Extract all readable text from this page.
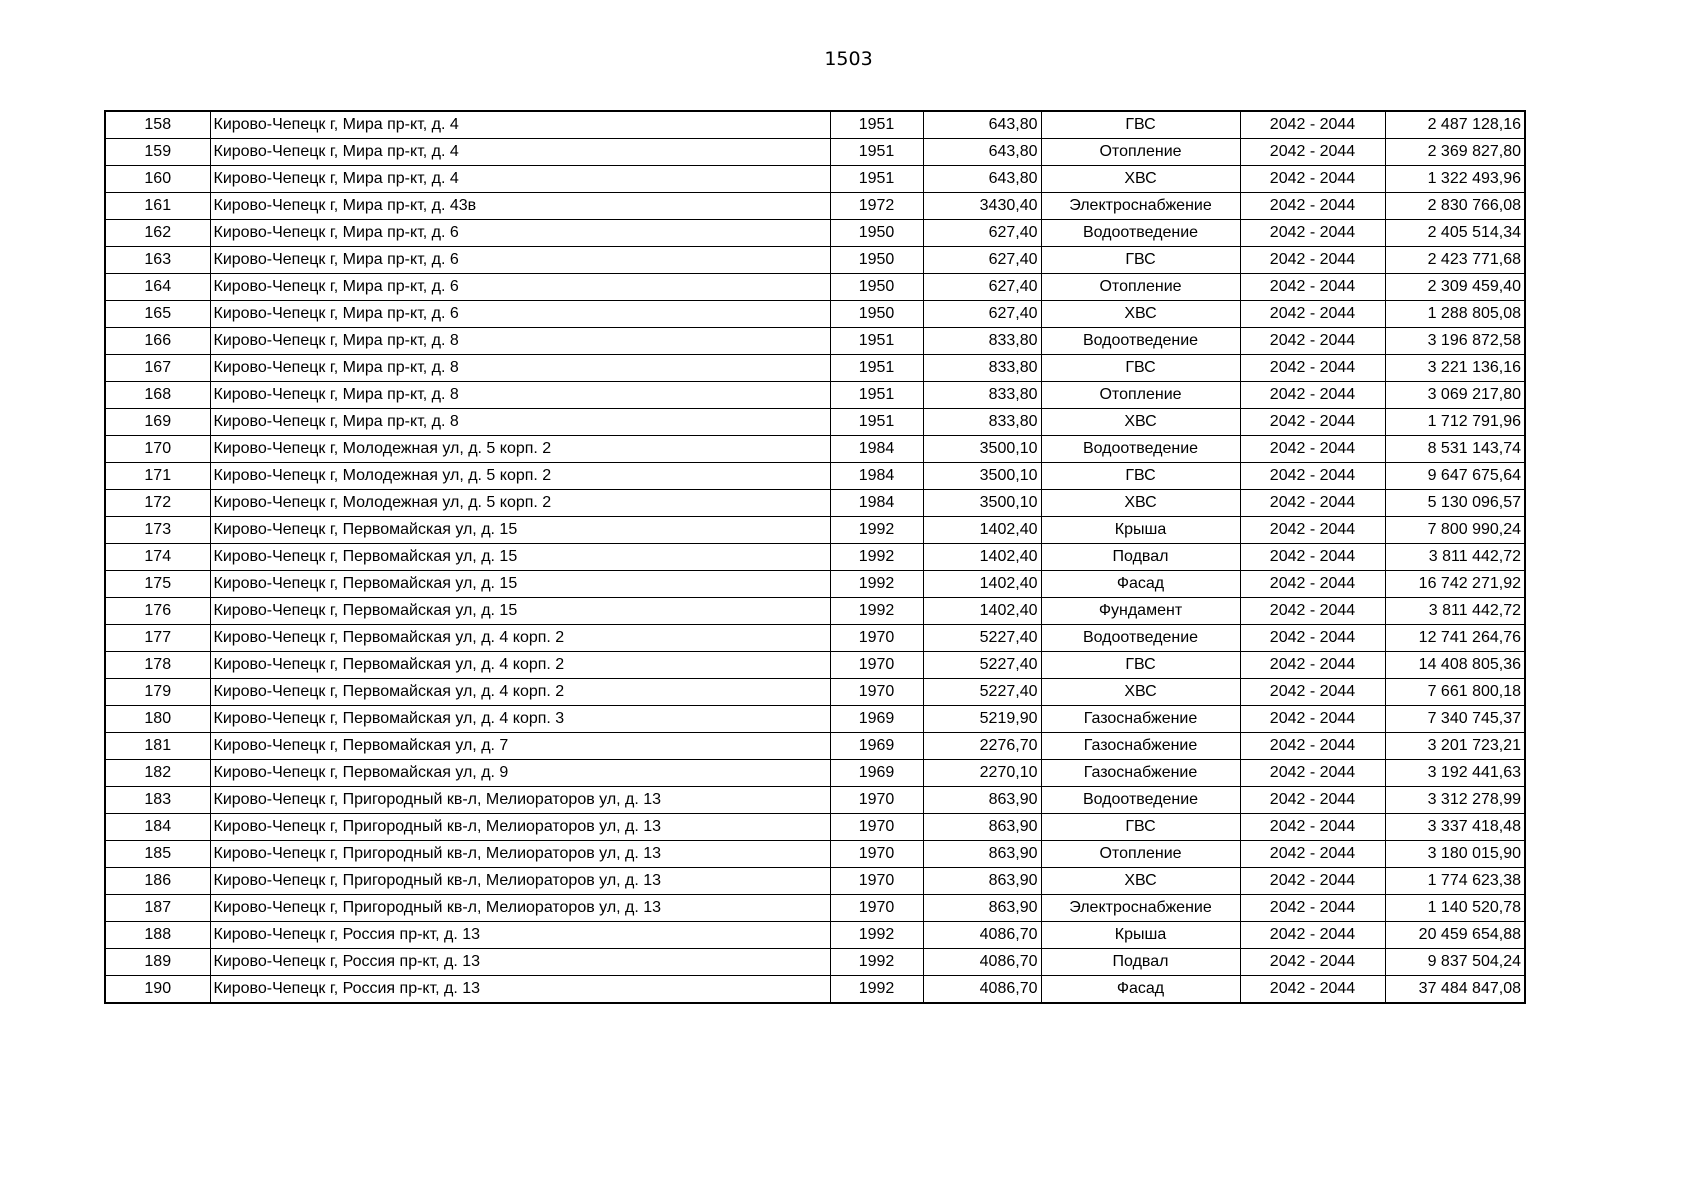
1503
158	Кирово-Чепецк г, Мира пр-кт, д. 4	1951	643,80	ГВС	2042 - 2044	2 487 128,16
159	Кирово-Чепецк г, Мира пр-кт, д. 4	1951	643,80	Отопление	2042 - 2044	2 369 827,80
160	Кирово-Чепецк г, Мира пр-кт, д. 4	1951	643,80	ХВС	2042 - 2044	1 322 493,96
161	Кирово-Чепецк г, Мира пр-кт, д. 43в	1972	3430,40	Электроснабжение	2042 - 2044	2 830 766,08
162	Кирово-Чепецк г, Мира пр-кт, д. 6	1950	627,40	Водоотведение	2042 - 2044	2 405 514,34
163	Кирово-Чепецк г, Мира пр-кт, д. 6	1950	627,40	ГВС	2042 - 2044	2 423 771,68
164	Кирово-Чепецк г, Мира пр-кт, д. 6	1950	627,40	Отопление	2042 - 2044	2 309 459,40
165	Кирово-Чепецк г, Мира пр-кт, д. 6	1950	627,40	ХВС	2042 - 2044	1 288 805,08
166	Кирово-Чепецк г, Мира пр-кт, д. 8	1951	833,80	Водоотведение	2042 - 2044	3 196 872,58
167	Кирово-Чепецк г, Мира пр-кт, д. 8	1951	833,80	ГВС	2042 - 2044	3 221 136,16
168	Кирово-Чепецк г, Мира пр-кт, д. 8	1951	833,80	Отопление	2042 - 2044	3 069 217,80
169	Кирово-Чепецк г, Мира пр-кт, д. 8	1951	833,80	ХВС	2042 - 2044	1 712 791,96
170	Кирово-Чепецк г, Молодежная ул, д. 5 корп. 2	1984	3500,10	Водоотведение	2042 - 2044	8 531 143,74
171	Кирово-Чепецк г, Молодежная ул, д. 5 корп. 2	1984	3500,10	ГВС	2042 - 2044	9 647 675,64
172	Кирово-Чепецк г, Молодежная ул, д. 5 корп. 2	1984	3500,10	ХВС	2042 - 2044	5 130 096,57
173	Кирово-Чепецк г, Первомайская ул, д. 15	1992	1402,40	Крыша	2042 - 2044	7 800 990,24
174	Кирово-Чепецк г, Первомайская ул, д. 15	1992	1402,40	Подвал	2042 - 2044	3 811 442,72
175	Кирово-Чепецк г, Первомайская ул, д. 15	1992	1402,40	Фасад	2042 - 2044	16 742 271,92
176	Кирово-Чепецк г, Первомайская ул, д. 15	1992	1402,40	Фундамент	2042 - 2044	3 811 442,72
177	Кирово-Чепецк г, Первомайская ул, д. 4 корп. 2	1970	5227,40	Водоотведение	2042 - 2044	12 741 264,76
178	Кирово-Чепецк г, Первомайская ул, д. 4 корп. 2	1970	5227,40	ГВС	2042 - 2044	14 408 805,36
179	Кирово-Чепецк г, Первомайская ул, д. 4 корп. 2	1970	5227,40	ХВС	2042 - 2044	7 661 800,18
180	Кирово-Чепецк г, Первомайская ул, д. 4 корп. 3	1969	5219,90	Газоснабжение	2042 - 2044	7 340 745,37
181	Кирово-Чепецк г, Первомайская ул, д. 7	1969	2276,70	Газоснабжение	2042 - 2044	3 201 723,21
182	Кирово-Чепецк г, Первомайская ул, д. 9	1969	2270,10	Газоснабжение	2042 - 2044	3 192 441,63
183	Кирово-Чепецк г, Пригородный кв-л, Мелиораторов ул, д. 13	1970	863,90	Водоотведение	2042 - 2044	3 312 278,99
184	Кирово-Чепецк г, Пригородный кв-л, Мелиораторов ул, д. 13	1970	863,90	ГВС	2042 - 2044	3 337 418,48
185	Кирово-Чепецк г, Пригородный кв-л, Мелиораторов ул, д. 13	1970	863,90	Отопление	2042 - 2044	3 180 015,90
186	Кирово-Чепецк г, Пригородный кв-л, Мелиораторов ул, д. 13	1970	863,90	ХВС	2042 - 2044	1 774 623,38
187	Кирово-Чепецк г, Пригородный кв-л, Мелиораторов ул, д. 13	1970	863,90	Электроснабжение	2042 - 2044	1 140 520,78
188	Кирово-Чепецк г, Россия пр-кт, д. 13	1992	4086,70	Крыша	2042 - 2044	20 459 654,88
189	Кирово-Чепецк г, Россия пр-кт, д. 13	1992	4086,70	Подвал	2042 - 2044	9 837 504,24
190	Кирово-Чепецк г, Россия пр-кт, д. 13	1992	4086,70	Фасад	2042 - 2044	37 484 847,08
